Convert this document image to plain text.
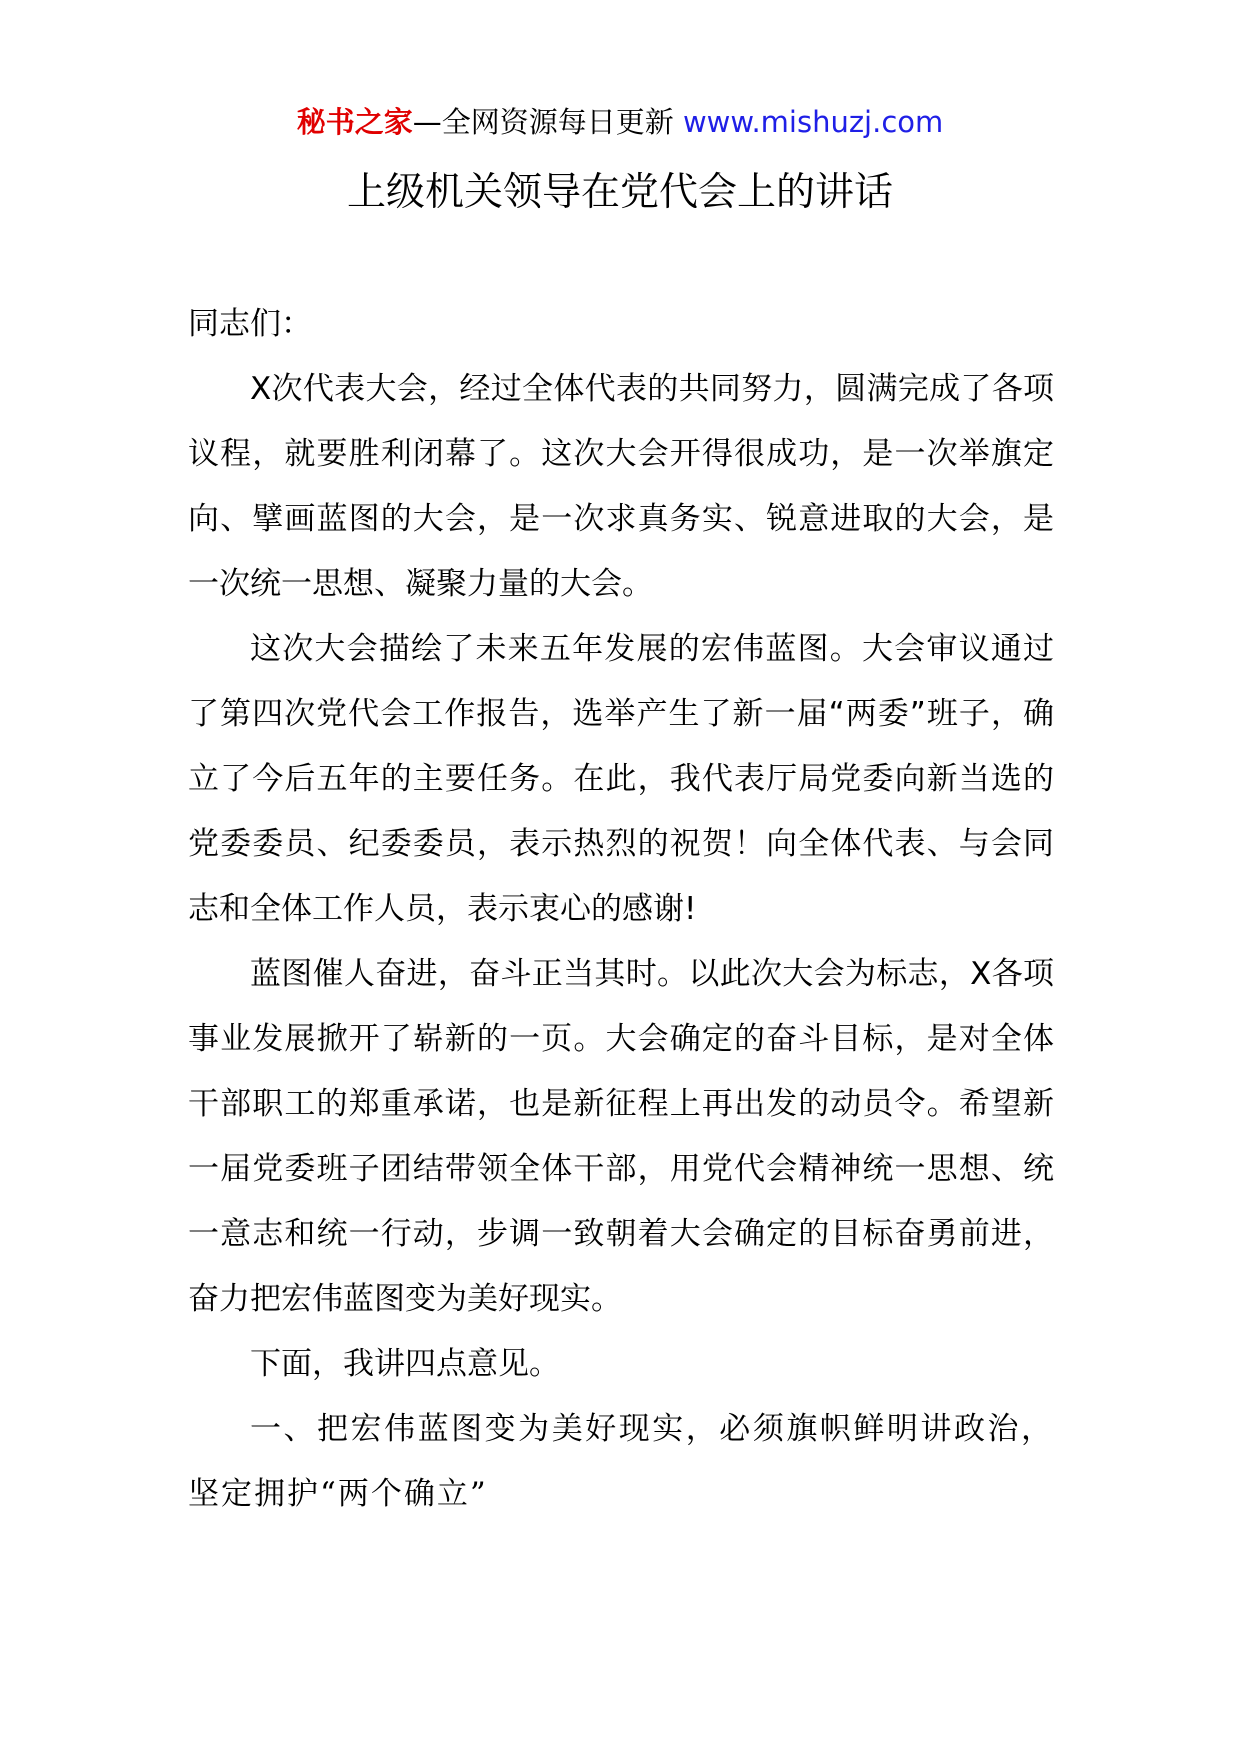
秘书之家—全网资源每日更新 www.mishuzj.com
上级机关领导在党代会上的讲话

同志们：

X次代表大会，经过全体代表的共同努力，圆满完成了各项议程，就要胜利闭幕了。这次大会开得很成功，是一次举旗定向、擘画蓝图的大会，是一次求真务实、锐意进取的大会，是一次统一思想、凝聚力量的大会。

这次大会描绘了未来五年发展的宏伟蓝图。大会审议通过了第四次党代会工作报告，选举产生了新一届“两委”班子，确立了今后五年的主要任务。在此，我代表厅局党委向新当选的党委委员、纪委委员，表示热烈的祝贺！向全体代表、与会同志和全体工作人员，表示衷心的感谢!

蓝图催人奋进，奋斗正当其时。以此次大会为标志，X各项事业发展掀开了崭新的一页。大会确定的奋斗目标，是对全体干部职工的郑重承诺，也是新征程上再出发的动员令。希望新一届党委班子团结带领全体干部，用党代会精神统一思想、统一意志和统一行动，步调一致朝着大会确定的目标奋勇前进，奋力把宏伟蓝图变为美好现实。

下面，我讲四点意见。

一、把宏伟蓝图变为美好现实，必须旗帜鲜明讲政治，坚定拥护“两个确立”
